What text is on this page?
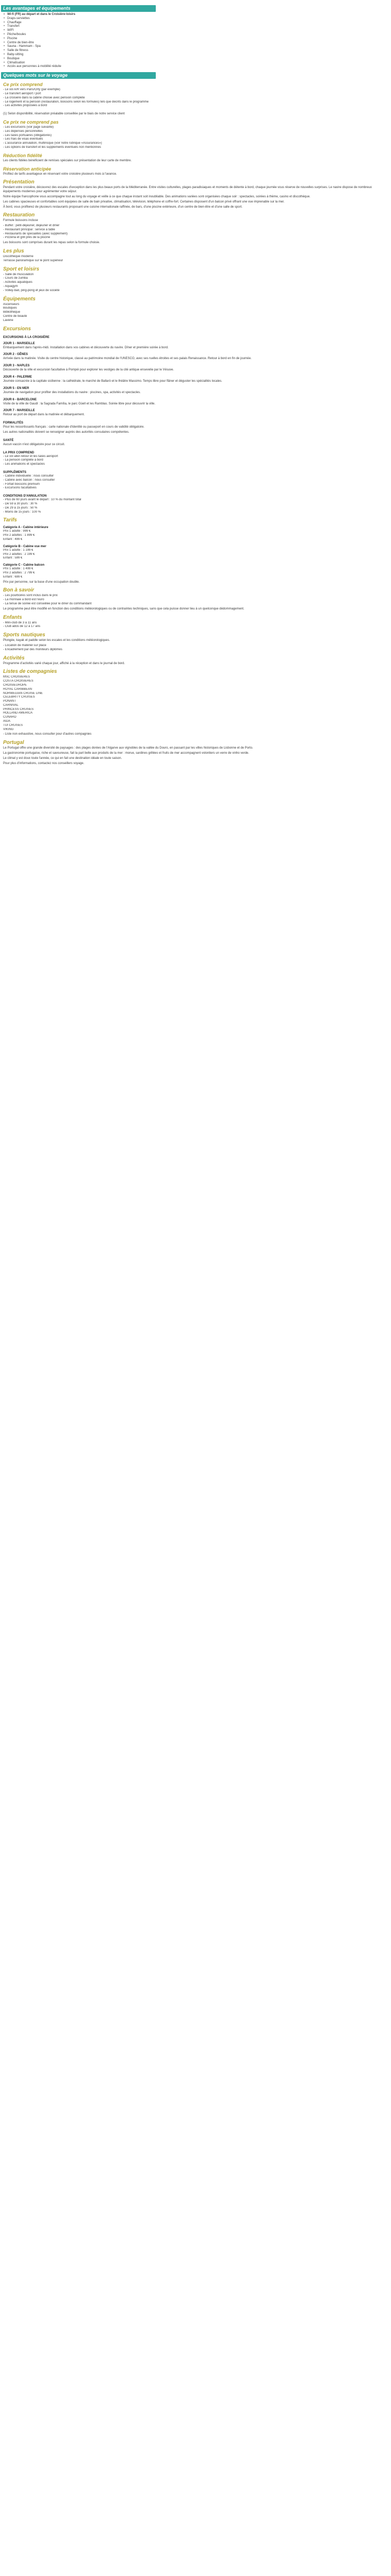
Les avantages et équipements
• Wi-fi (FR) au départ et dans le Croisière-loisirs
• Draps-serviettes
• Chauffage
• Transfert
• WIFI
• Pêche/boules
• Piscine
• Centre de bien-être
• Sauna - Hammam - Spa
• Salle de fitness
• Baby-sitting
• Boutique
• Climatisation
• Accès aux personnes à mobilité réduite
Quelques mots sur le voyage
Ce prix comprend
- Le vol A/R vers Paris/Orly (par exemple)
- Le transfert aéroport / port
- La croisière dans la cabine choisie avec pension complète
- Le logement et la pension (restauration, boissons selon les formules) tels que décrits dans le programme
- Les activités proposées à bord
(1) Selon disponibilité, réservation préalable conseillée par le biais de notre service client
Ce prix ne comprend pas
- Les excursions (voir page suivante)
- Les dépenses personnelles
- Les taxes portuaires (obligatoires)
- Les frais de visas éventuels
- L'assurance annulation, multirisque (voir notre rubrique «Assurances»)
- Les options de transfert et les suppléments éventuels non mentionnés
Réduction fidélité
Les clients fidèles bénéficient de remises spéciales sur présentation de leur carte de membre.
Réservation anticipée
Profitez de tarifs avantageux en réservant votre croisière plusieurs mois à l'avance.
Présentation
Pendant votre croisière, découvrez des escales d'exception dans les plus beaux ports de la Méditerranée. Entre visites culturelles, plages paradisiaques et moments de détente à bord, chaque journée vous réserve de nouvelles surprises. Le navire dispose de nombreux équipements modernes pour agrémenter votre séjour.
Notre équipe francophone vous accompagne tout au long du voyage et veille à ce que chaque instant soit inoubliable. Des animations variées sont organisées chaque soir : spectacles, soirées à thème, casino et discothèque.
Les cabines spacieuses et confortables sont équipées de salle de bain privative, climatisation, télévision, téléphone et coffre-fort. Certaines disposent d'un balcon privé offrant une vue imprenable sur la mer.
À bord, vous profiterez de plusieurs restaurants proposant une cuisine internationale raffinée, de bars, d'une piscine extérieure, d'un centre de bien-être et d'une salle de sport.
Restauration
Formule boissons incluse
- Buffet : petit-déjeuner, déjeuner et dîner
- Restaurant principal : service à table
- Restaurants de spécialités (avec supplément)
- Pizzeria et grill près de la piscine
Les boissons sont comprises durant les repas selon la formule choisie.
Les plus
Discothèque moderne
Terrasse panoramique sur le pont supérieur
Sport et loisirs
- Salle de musculation
- Cours de zumba
- Activités aquatiques
- Aquagym
- Volley-ball, ping-pong et jeux de société
Équipements
Ascenseurs
Boutiques
Bibliothèque
Centre de beauté
Laverie
Excursions
EXCURSIONS À LA CROISIÈRE
JOUR 1 - MARSEILLE
Embarquement dans l'après-midi. Installation dans vos cabines et découverte du navire. Dîner et première soirée à bord.
JOUR 2 - GÊNES
Arrivée dans la matinée. Visite du centre historique, classé au patrimoine mondial de l'UNESCO, avec ses ruelles étroites et ses palais Renaissance. Retour à bord en fin de journée.
JOUR 3 - NAPLES
Découverte de la ville et excursion facultative à Pompéi pour explorer les vestiges de la cité antique ensevelie par le Vésuve.
JOUR 4 - PALERME
Journée consacrée à la capitale sicilienne : la cathédrale, le marché de Ballarò et le théâtre Massimo. Temps libre pour flâner et déguster les spécialités locales.
JOUR 5 - EN MER
Journée de navigation pour profiter des installations du navire : piscines, spa, activités et spectacles.
JOUR 6 - BARCELONE
Visite de la ville de Gaudí : la Sagrada Família, le parc Güell et les Ramblas. Soirée libre pour découvrir la ville.
JOUR 7 - MARSEILLE
Retour au port de départ dans la matinée et débarquement.
FORMALITÉS
Pour les ressortissants français : carte nationale d'identité ou passeport en cours de validité obligatoire.
Les autres nationalités doivent se renseigner auprès des autorités consulaires compétentes.
SANTÉ
Aucun vaccin n'est obligatoire pour ce circuit.
LA PRIX COMPREND
- Le vol aller-retour et les taxes aéroport
- La pension complète à bord
- Les animations et spectacles
SUPPLÉMENTS
- Cabine individuelle : nous consulter
- Cabine avec balcon : nous consulter
- Forfait boissons premium
- Excursions facultatives
CONDITIONS D'ANNULATION
- Plus de 60 jours avant le départ : 10 % du montant total
- De 59 à 30 jours : 30 %
- De 29 à 15 jours : 50 %
- Moins de 15 jours : 100 %
Tarifs
Catégorie A - Cabine intérieure
Prix 1 adulte : 999 €
Prix 2 adultes : 1 899 €
Enfant : 499 €
Catégorie B - Cabine vue mer
Prix 1 adulte : 1 199 €
Prix 2 adultes : 2 199 €
Enfant : 599 €
Catégorie C - Cabine balcon
Prix 1 adulte : 1 499 €
Prix 2 adultes : 2 799 €
Enfant : 699 €
Prix par personne, sur la base d'une occupation double.
Bon à savoir
- Les pourboires sont inclus dans le prix
- La monnaie à bord est l'euro
- La tenue de soirée est conseillée pour le dîner du commandant
Le programme peut être modifié en fonction des conditions météorologiques ou de contraintes techniques, sans que cela puisse donner lieu à un quelconque dédommagement.
Enfants
- Mini-club de 3 à 11 ans
- Club ados de 12 à 17 ans
Sports nautiques
Plongée, kayak et paddle selon les escales et les conditions météorologiques.
- Location de matériel sur place
- Encadrement par des moniteurs diplômés
Activités
Programme d'activités varié chaque jour, affiché à la réception et dans le journal de bord.
Listes de compagnies
MSC CROISIÈRES
COSTA CROISIÈRES
CROISIEUROPE
ROYAL CARIBBEAN
NORWEGIAN CRUISE LINE
CELEBRITY CRUISES
PONANT
CARNIVAL
PRINCESS CRUISES
HOLLAND AMERICA
CUNARD
AIDA
TUI CRUISES
VIKING
- Liste non exhaustive, nous consulter pour d'autres compagnies
Portugal
Le Portugal offre une grande diversité de paysages : des plages dorées de l'Algarve aux vignobles de la vallée du Douro, en passant par les villes historiques de Lisbonne et de Porto.
La gastronomie portugaise, riche et savoureuse, fait la part belle aux produits de la mer : morue, sardines grillées et fruits de mer accompagnent volontiers un verre de vinho verde.
Le climat y est doux toute l'année, ce qui en fait une destination idéale en toute saison.
Pour plus d'informations, contactez nos conseillers voyage.
